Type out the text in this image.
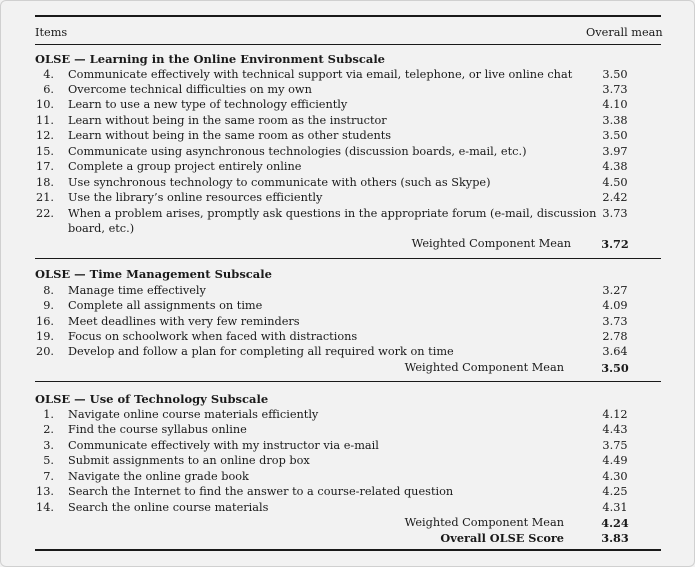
Items	Overall mean
OLSE — Learning in the Online Environment Subscale
4. Communicate effectively with technical support via email, telephone, or live online chat	3.50
6. Overcome technical difficulties on my own	3.73
10. Learn to use a new type of technology efficiently	4.10
11. Learn without being in the same room as the instructor	3.38
12. Learn without being in the same room as other students	3.50
15. Communicate using asynchronous technologies (discussion boards, e-mail, etc.)	3.97
17. Complete a group project entirely online	4.38
18. Use synchronous technology to communicate with others (such as Skype)	4.50
21. Use the library’s online resources efficiently	2.42
22. When a problem arises, promptly ask questions in the appropriate forum (e-mail, discussion 3.73
board, etc.)
Weighted Component Mean	3.72
OLSE — Time Management Subscale
8. Manage time effectively	3.27
9. Complete all assignments on time	4.09
16. Meet deadlines with very few reminders	3.73
19. Focus on schoolwork when faced with distractions	2.78
20. Develop and follow a plan for completing all required work on time	3.64
Weighted Component Mean	3.50
OLSE — Use of Technology Subscale
1. Navigate online course materials efficiently	4.12
2. Find the course syllabus online	4.43
3. Communicate effectively with my instructor via e-mail	3.75
5. Submit assignments to an online drop box	4.49
7. Navigate the online grade book	4.30
13. Search the Internet to find the answer to a course-related question	4.25
14. Search the online course materials	4.31
Weighted Component Mean	4.24
Overall OLSE Score	3.83
